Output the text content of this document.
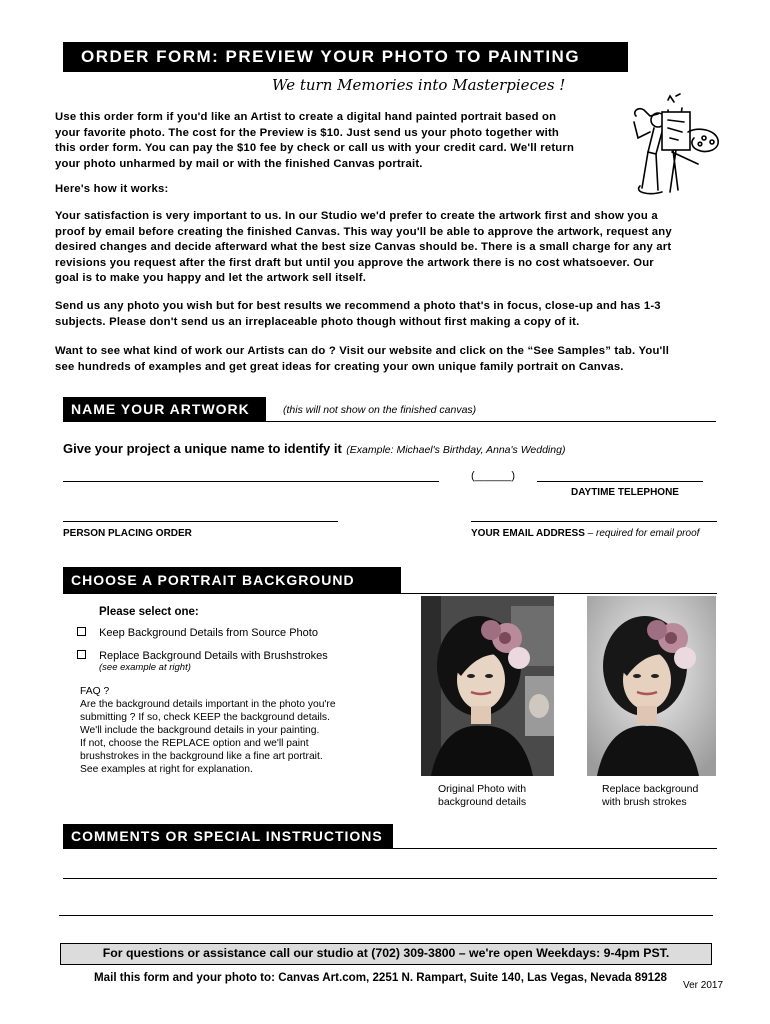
ORDER FORM: PREVIEW YOUR PHOTO TO PAINTING
We turn Memories into Masterpieces !
Use this order form if you'd like an Artist to create a digital hand painted portrait based on
your favorite photo. The cost for the Preview is $10. Just send us your photo together with
this order form. You can pay the $10 fee by check or call us with your credit card. We'll return
your photo unharmed by mail or with the finished Canvas portrait.
Here's how it works:
Your satisfaction is very important to us. In our Studio we'd prefer to create the artwork first and show you a
proof by email before creating the finished Canvas. This way you'll be able to approve the artwork, request any
desired changes and decide afterward what the best size Canvas should be. There is a small charge for any art
revisions you request after the first draft but until you approve the artwork there is no cost whatsoever. Our
goal is to make you happy and let the artwork sell itself.
Send us any photo you wish but for best results we recommend a photo that's in focus, close-up and has 1-3
subjects. Please don't send us an irreplaceable photo though without first making a copy of it.
Want to see what kind of work our Artists can do ? Visit our website and click on the “See Samples” tab. You'll
see hundreds of examples and get great ideas for creating your own unique family portrait on Canvas.
NAME YOUR ARTWORK	(this will not show on the finished canvas)
Give your project a unique name to identify it (Example: Michael's Birthday, Anna's Wedding)
(______)
DAYTIME TELEPHONE
PERSON PLACING ORDER	YOUR EMAIL ADDRESS – required for email proof
CHOOSE A PORTRAIT BACKGROUND
Please select one:
Keep Background Details from Source Photo
Replace Background Details with Brushstrokes
(see example at right)
FAQ ?
Are the background details important in the photo you're
submitting ? If so, check KEEP the background details.
We'll include the background details in your painting.
If not, choose the REPLACE option and we'll paint
brushstrokes in the background like a fine art portrait.
See examples at right for explanation.
Original Photo with
background details
Replace background
with brush strokes
COMMENTS OR SPECIAL INSTRUCTIONS
For questions or assistance call our studio at (702) 309-3800 – we're open Weekdays: 9-4pm PST.
Mail this form and your photo to: Canvas Art.com, 2251 N. Rampart, Suite 140, Las Vegas, Nevada 89128
Ver 2017
